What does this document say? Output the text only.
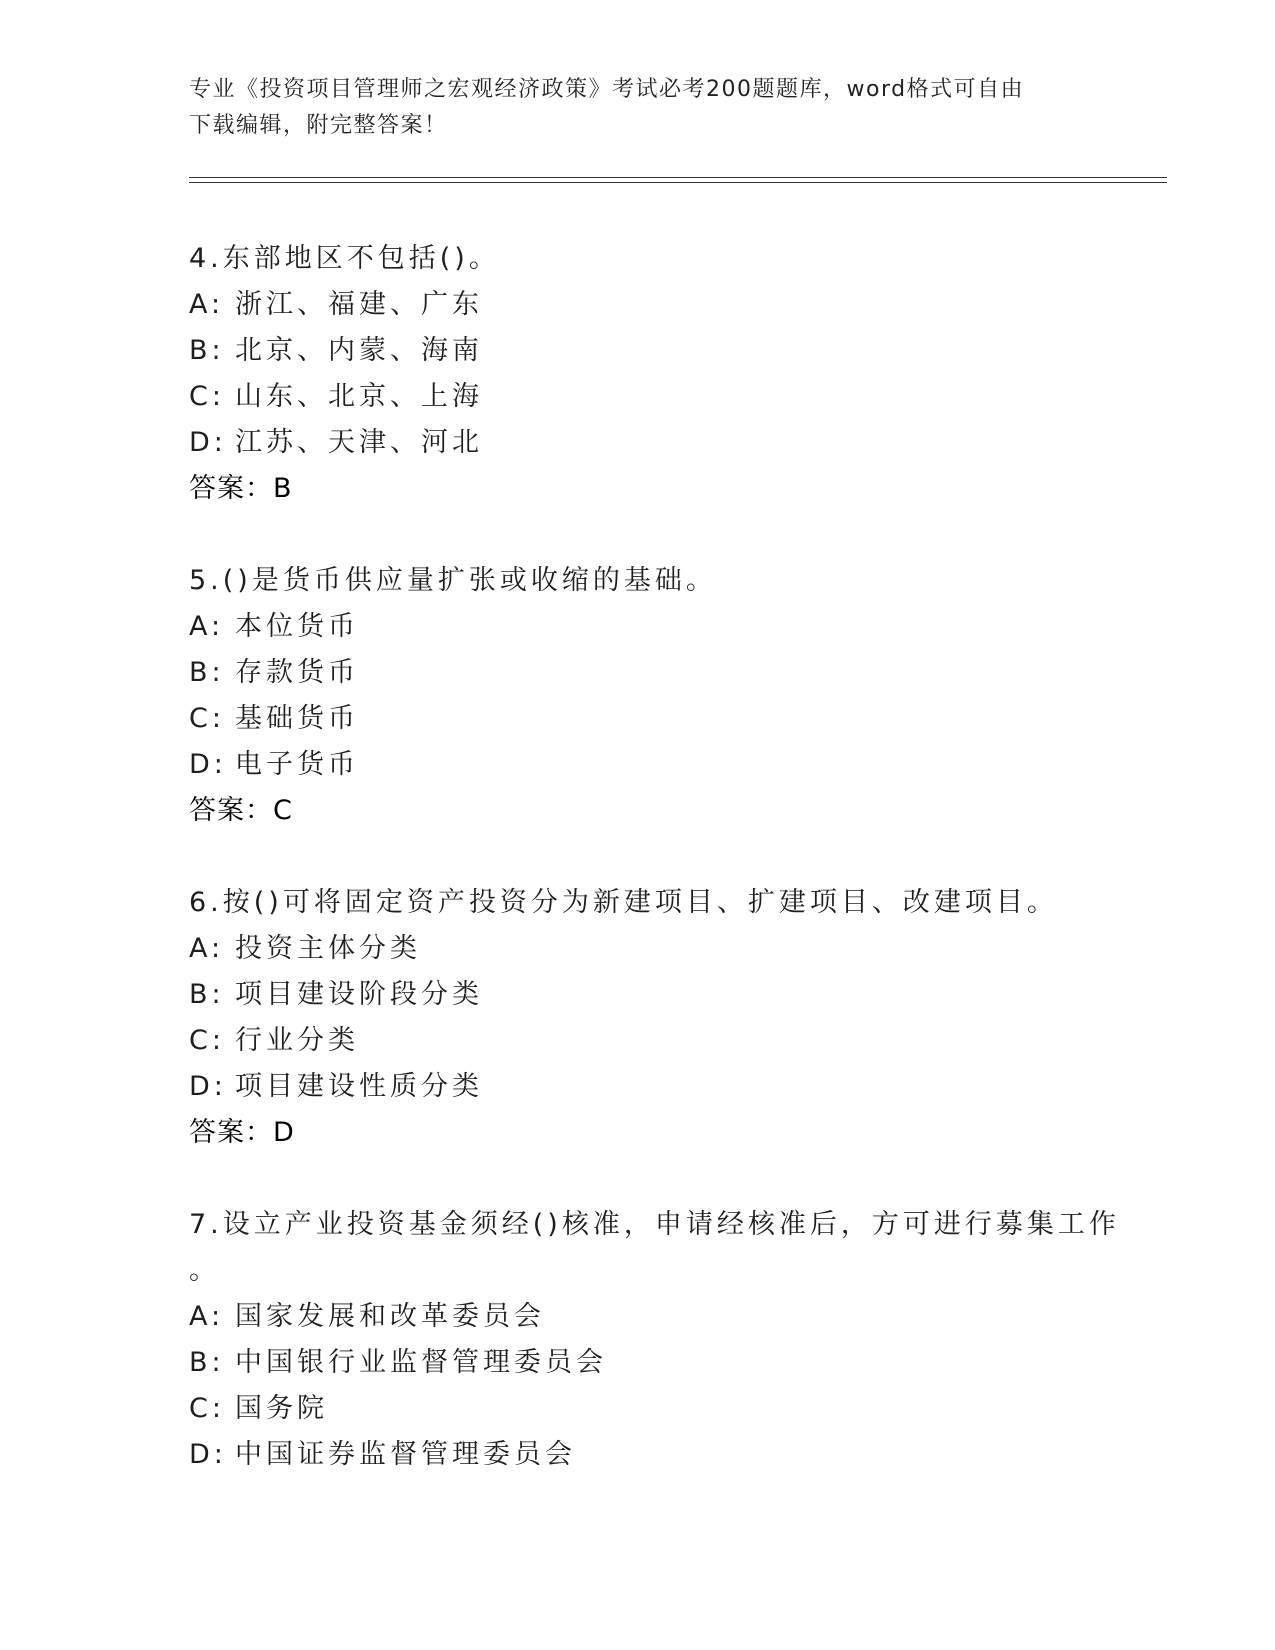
专业《投资项目管理师之宏观经济政策》考试必考200题题库，word格式可自由
下载编辑，附完整答案！
4.东部地区不包括()。
A: 浙江、福建、广东
B: 北京、内蒙、海南
C: 山东、北京、上海
D: 江苏、天津、河北
答案：B
5.()是货币供应量扩张或收缩的基础。
A: 本位货币
B: 存款货币
C: 基础货币
D: 电子货币
答案：C
6.按()可将固定资产投资分为新建项目、扩建项目、改建项目。
A: 投资主体分类
B: 项目建设阶段分类
C: 行业分类
D: 项目建设性质分类
答案：D
7.设立产业投资基金须经()核准，申请经核准后，方可进行募集工作
。
A: 国家发展和改革委员会
B: 中国银行业监督管理委员会
C: 国务院
D: 中国证券监督管理委员会
